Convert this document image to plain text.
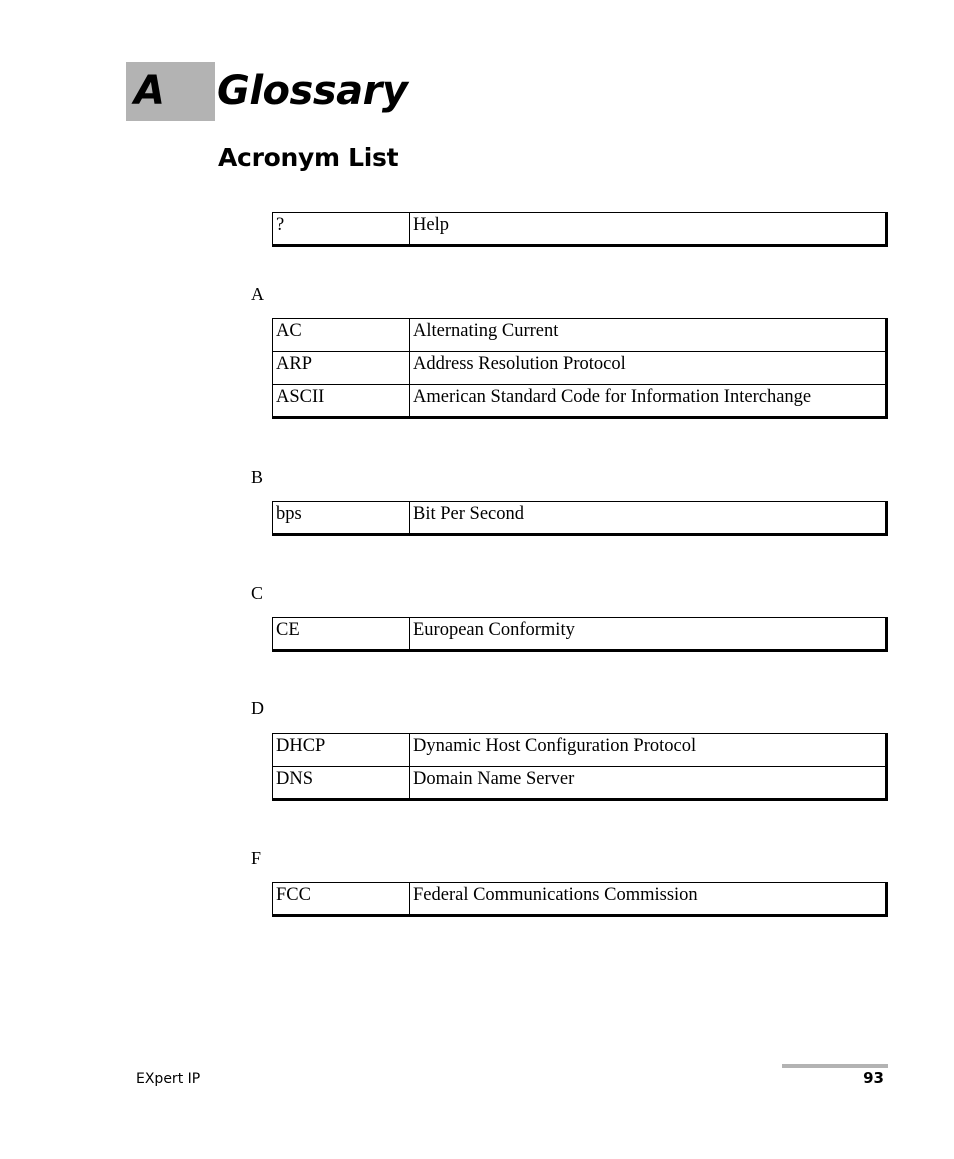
A Glossary
Acronym List
?	Help
A
AC	Alternating Current
ARP	Address Resolution Protocol
ASCII	American Standard Code for Information Interchange
B
bps	Bit Per Second
C
CE	European Conformity
D
DHCP	Dynamic Host Configuration Protocol
DNS	Domain Name Server
F
FCC	Federal Communications Commission
EXpert IP	93
